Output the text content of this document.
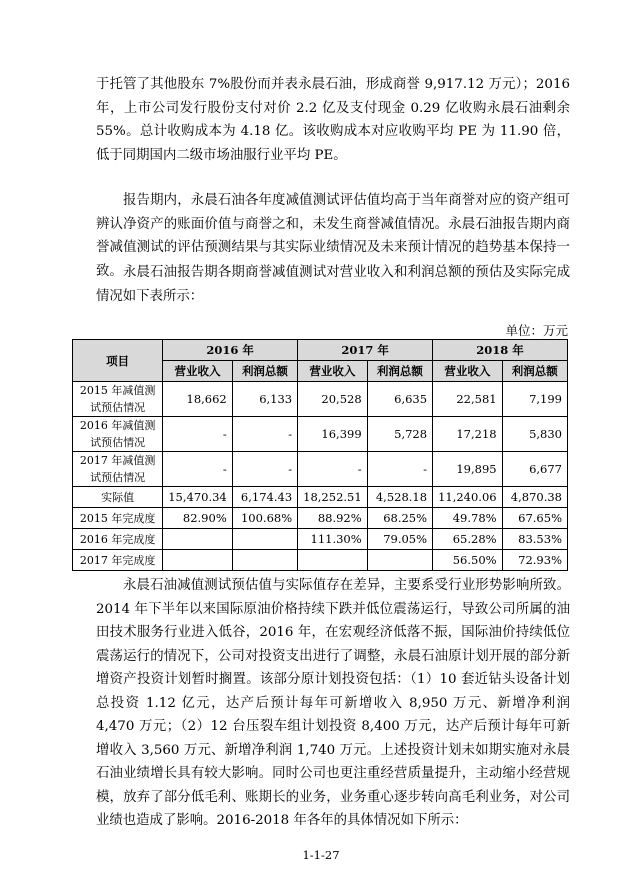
于托管了其他股东 7%股份而并表永晨石油，形成商誉 9,917.12 万元）；2016 年，上市公司发行股份支付对价 2.2 亿及支付现金 0.29 亿收购永晨石油剩余 55%。总计收购成本为 4.18 亿。该收购成本对应收购平均 PE 为 11.90 倍，低于同期国内二级市场油服行业平均 PE。

报告期内，永晨石油各年度减值测试评估值均高于当年商誉对应的资产组可辨认净资产的账面价值与商誉之和，未发生商誉减值情况。永晨石油报告期内商誉减值测试的评估预测结果与其实际业绩情况及未来预计情况的趋势基本保持一致。 永晨石油报告期各期商誉减值测试对营业收入和利润总额的预估及实际完成情况如下表所示：

单位：万元
项目	2016 年		2017 年		2018 年	
	营业收入	利润总额	营业收入	利润总额	营业收入	利润总额
2015 年减值测试预估情况	18,662	6,133	20,528	6,635	22,581	7,199
2016 年减值测试预估情况	-	-	16,399	5,728	17,218	5,830
2017 年减值测试预估情况	-	-	-	-	19,895	6,677
实际值	15,470.34	6,174.43	18,252.51	4,528.18	11,240.06	4,870.38
2015 年完成度	82.90%	100.68%	88.92%	68.25%	49.78%	67.65%
2016 年完成度			111.30%	79.05%	65.28%	83.53%
2017 年完成度					56.50%	72.93%

永晨石油减值测试预估值与实际值存在差异，主要系受行业形势影响所致。2014 年下半年以来国际原油价格持续下跌并低位震荡运行，导致公司所属的油田技术服务行业进入低谷，2016 年，在宏观经济低落不振，国际油价持续低位震荡运行的情况下，公司对投资支出进行了调整，永晨石油原计划开展的部分新增资产投资计划暂时搁置。该部分原计划投资包括：（1）10 套近钻头设备计划总投资 1.12 亿元，达产后预计每年可新增收入 8,950 万元、新增净利润 4,470 万元；（2）12 台压裂车组计划投资 8,400 万元，达产后预计每年可新增收入 3,560 万元、新增净利润 1,740 万元。上述投资计划未如期实施对永晨石油业绩增长具有较大影响。同时公司也更注重经营质量提升，主动缩小经营规模，放弃了部分低毛利、账期长的业务，业务重心逐步转向高毛利业务，对公司业绩也造成了影响。2016-2018 年各年的具体情况如下所示：

1-1-27
